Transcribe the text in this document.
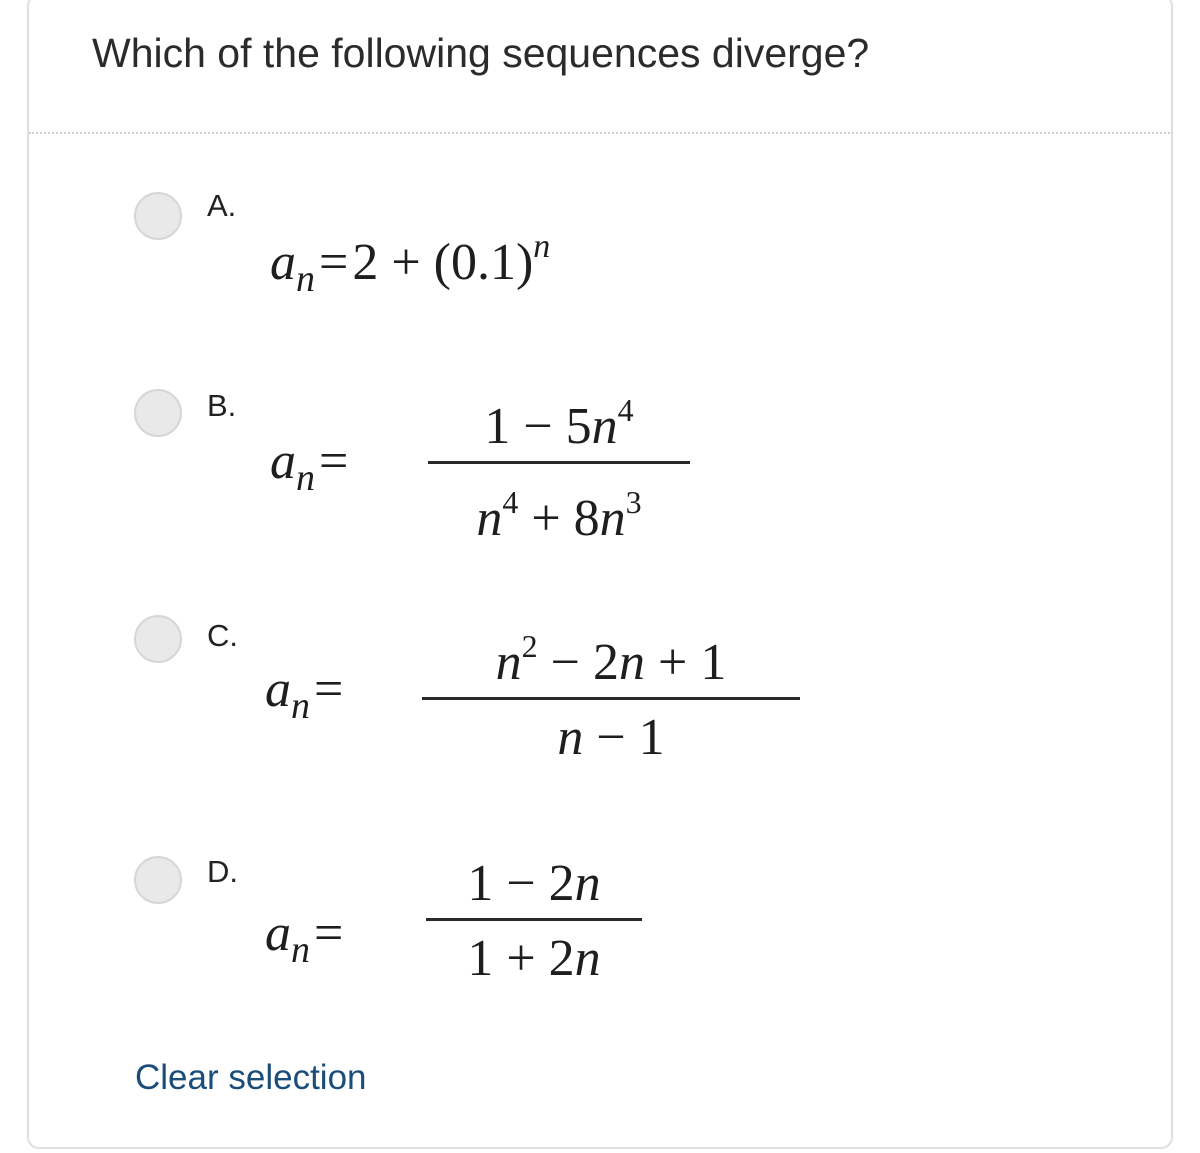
Which of the following sequences diverge?
A.
$a_n = 2 + (0.1)^n$
B.
$a_n$ =
$1 - 5n^4$
$n^4 + 8n^3$
C.
$a_n$ =	$n^2 - 2n + 1$
n − 1
D.
$a_n$ =
1 − 2n
1 + 2n
Clear selection
